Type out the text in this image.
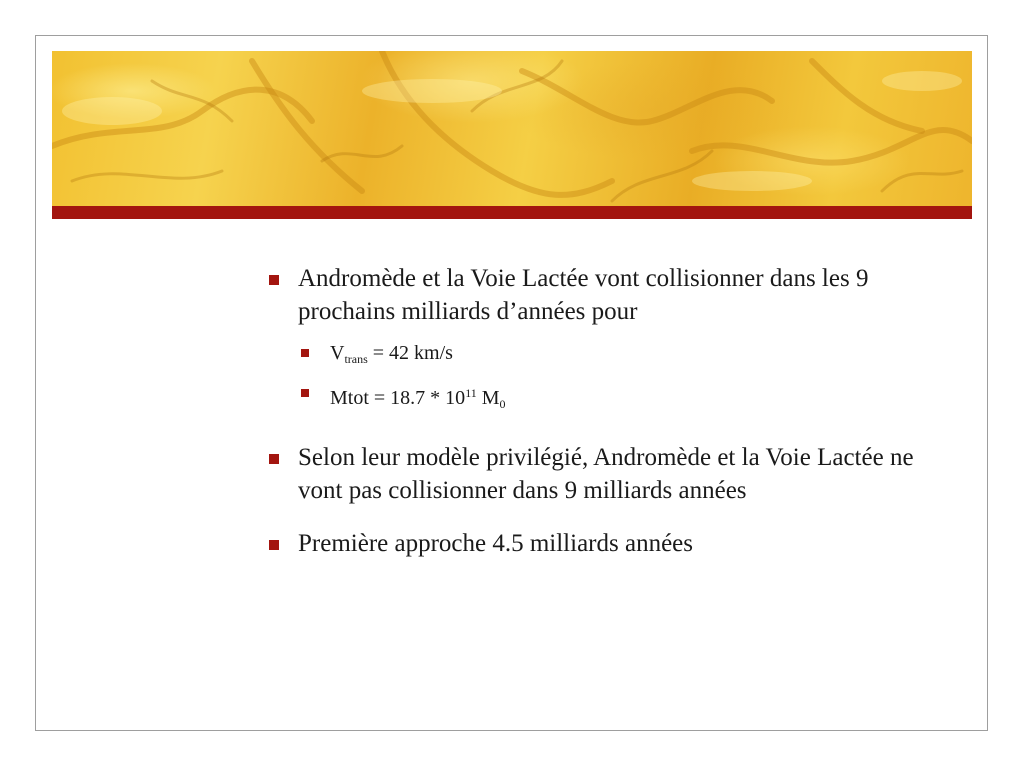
Andromède et la Voie Lactée vont collisionner dans les 9 prochains milliards d’années pour
$V_{trans} = 42$ km/s
Mtot = $18.7 * 10^{11}$ $M_0$
Selon leur modèle privilégié, Andromède et la Voie Lactée ne vont pas collisionner dans 9 milliards années
Première approche 4.5 milliards années
